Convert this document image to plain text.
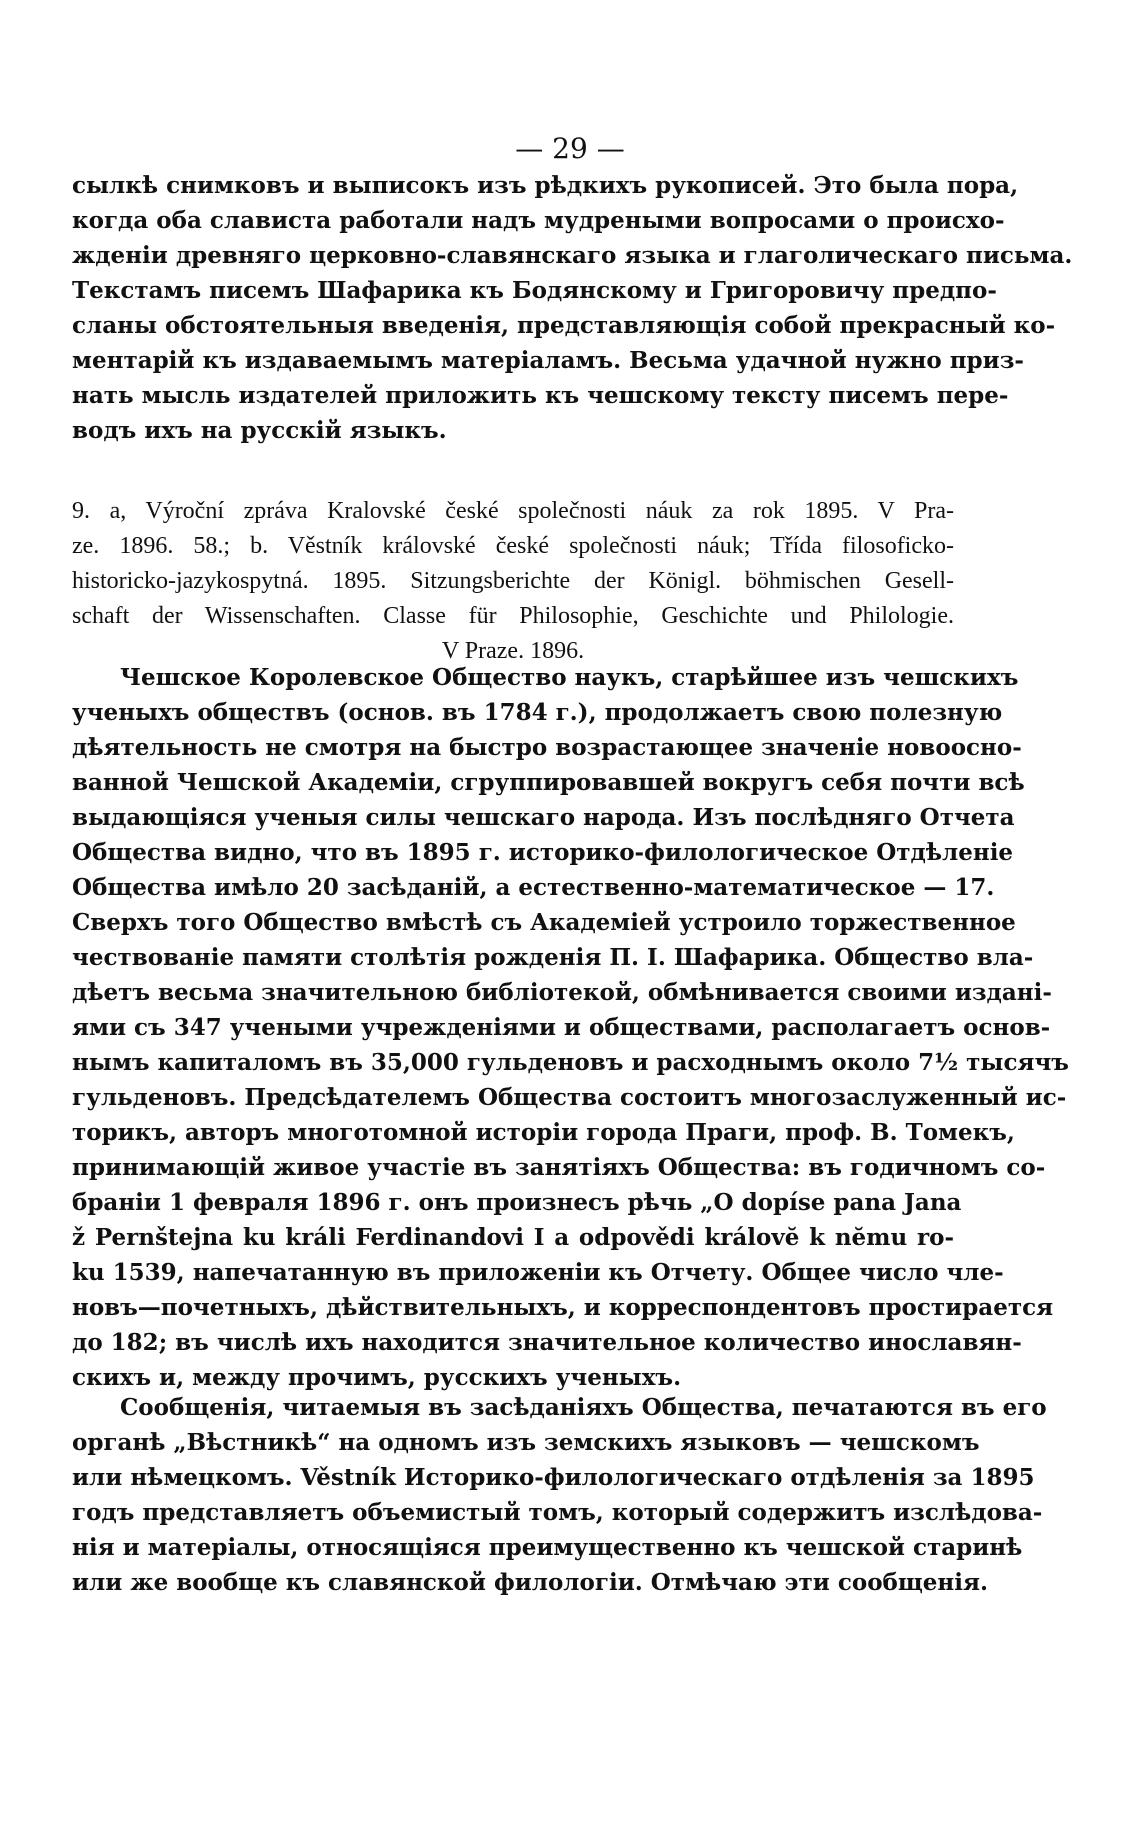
— 29 —
сылкѣ снимковъ и выписокъ изъ рѣдкихъ рукописей. Это была пора,
когда оба слависта работали надъ мудреными вопросами о происхо-
жденіи древняго церковно-славянскаго языка и глаголическаго письма.
Текстамъ писемъ Шафарика къ Бодянскому и Григоровичу предпо-
сланы обстоятельныя введенія, представляющія собой прекрасный ко-
ментарій къ издаваемымъ матеріаламъ. Весьма удачной нужно приз-
нать мысль издателей приложить къ чешскому тексту писемъ пере-
водъ ихъ на русскій языкъ.
9. a, Výroční zpráva Kralovské české společnosti náuk za rok 1895. V Pra-
ze. 1896. 58.; b. Věstník královské české společnosti náuk; Třída filosoficko-
historicko-jazykospytná. 1895. Sitzungsberichte der Königl. böhmischen Gesell-
schaft der Wissenschaften. Classe für Philosophie, Geschichte und Philologie.
V Praze. 1896.
Чешское Королевское Общество наукъ, старѣйшее изъ чешскихъ
ученыхъ обществъ (основ. въ 1784 г.), продолжаетъ свою полезную
дѣятельность не смотря на быстро возрастающее значеніе новоосно-
ванной Чешской Академіи, сгруппировавшей вокругъ себя почти всѣ
выдающіяся ученыя силы чешскаго народа. Изъ послѣдняго Отчета
Общества видно, что въ 1895 г. историко-филологическое Отдѣленіе
Общества имѣло 20 засѣданій, а естественно-математическое — 17.
Сверхъ того Общество вмѣстѣ съ Академіей устроило торжественное
чествованіе памяти столѣтія рожденія П. І. Шафарика. Общество вла-
дѣетъ весьма значительною библіотекой, обмѣнивается своими изданi-
ями съ 347 учеными учрежденіями и обществами, располагаетъ основ-
нымъ капиталомъ въ 35,000 гульденовъ и расходнымъ около 7½ тысячъ
гульденовъ. Предсѣдателемъ Общества состоитъ многозаслуженный ис-
торикъ, авторъ многотомной исторіи города Праги, проф. В. Томекъ,
принимающій живое участіе въ занятіяхъ Общества: въ годичномъ со-
браніи 1 февраля 1896 г. онъ произнесъ рѣчь „O dopíse pana Jana
ž Pernštejna ku králi Ferdinandovi I a odpovědi královĕ k nĕmu ro-
ku 1539, напечатанную въ приложеніи къ Отчету. Общее число чле-
новъ—почетныхъ, дѣйствительныхъ, и корреспондентовъ простирается
до 182; въ числѣ ихъ находится значительное количество инославян-
скихъ и, между прочимъ, русскихъ ученыхъ.
Сообщенія, читаемыя въ засѣданіяхъ Общества, печатаются въ его
органѣ „Вѣстникѣ“ на одномъ изъ земскихъ языковъ — чешскомъ
или нѣмецкомъ. Věstník Историко-филологическаго отдѣленія за 1895
годъ представляетъ объемистый томъ, который содержитъ изслѣдова-
нія и матеріалы, относящіяся преимущественно къ чешской старинѣ
или же вообще къ славянской филологіи. Отмѣчаю эти сообщенія.
